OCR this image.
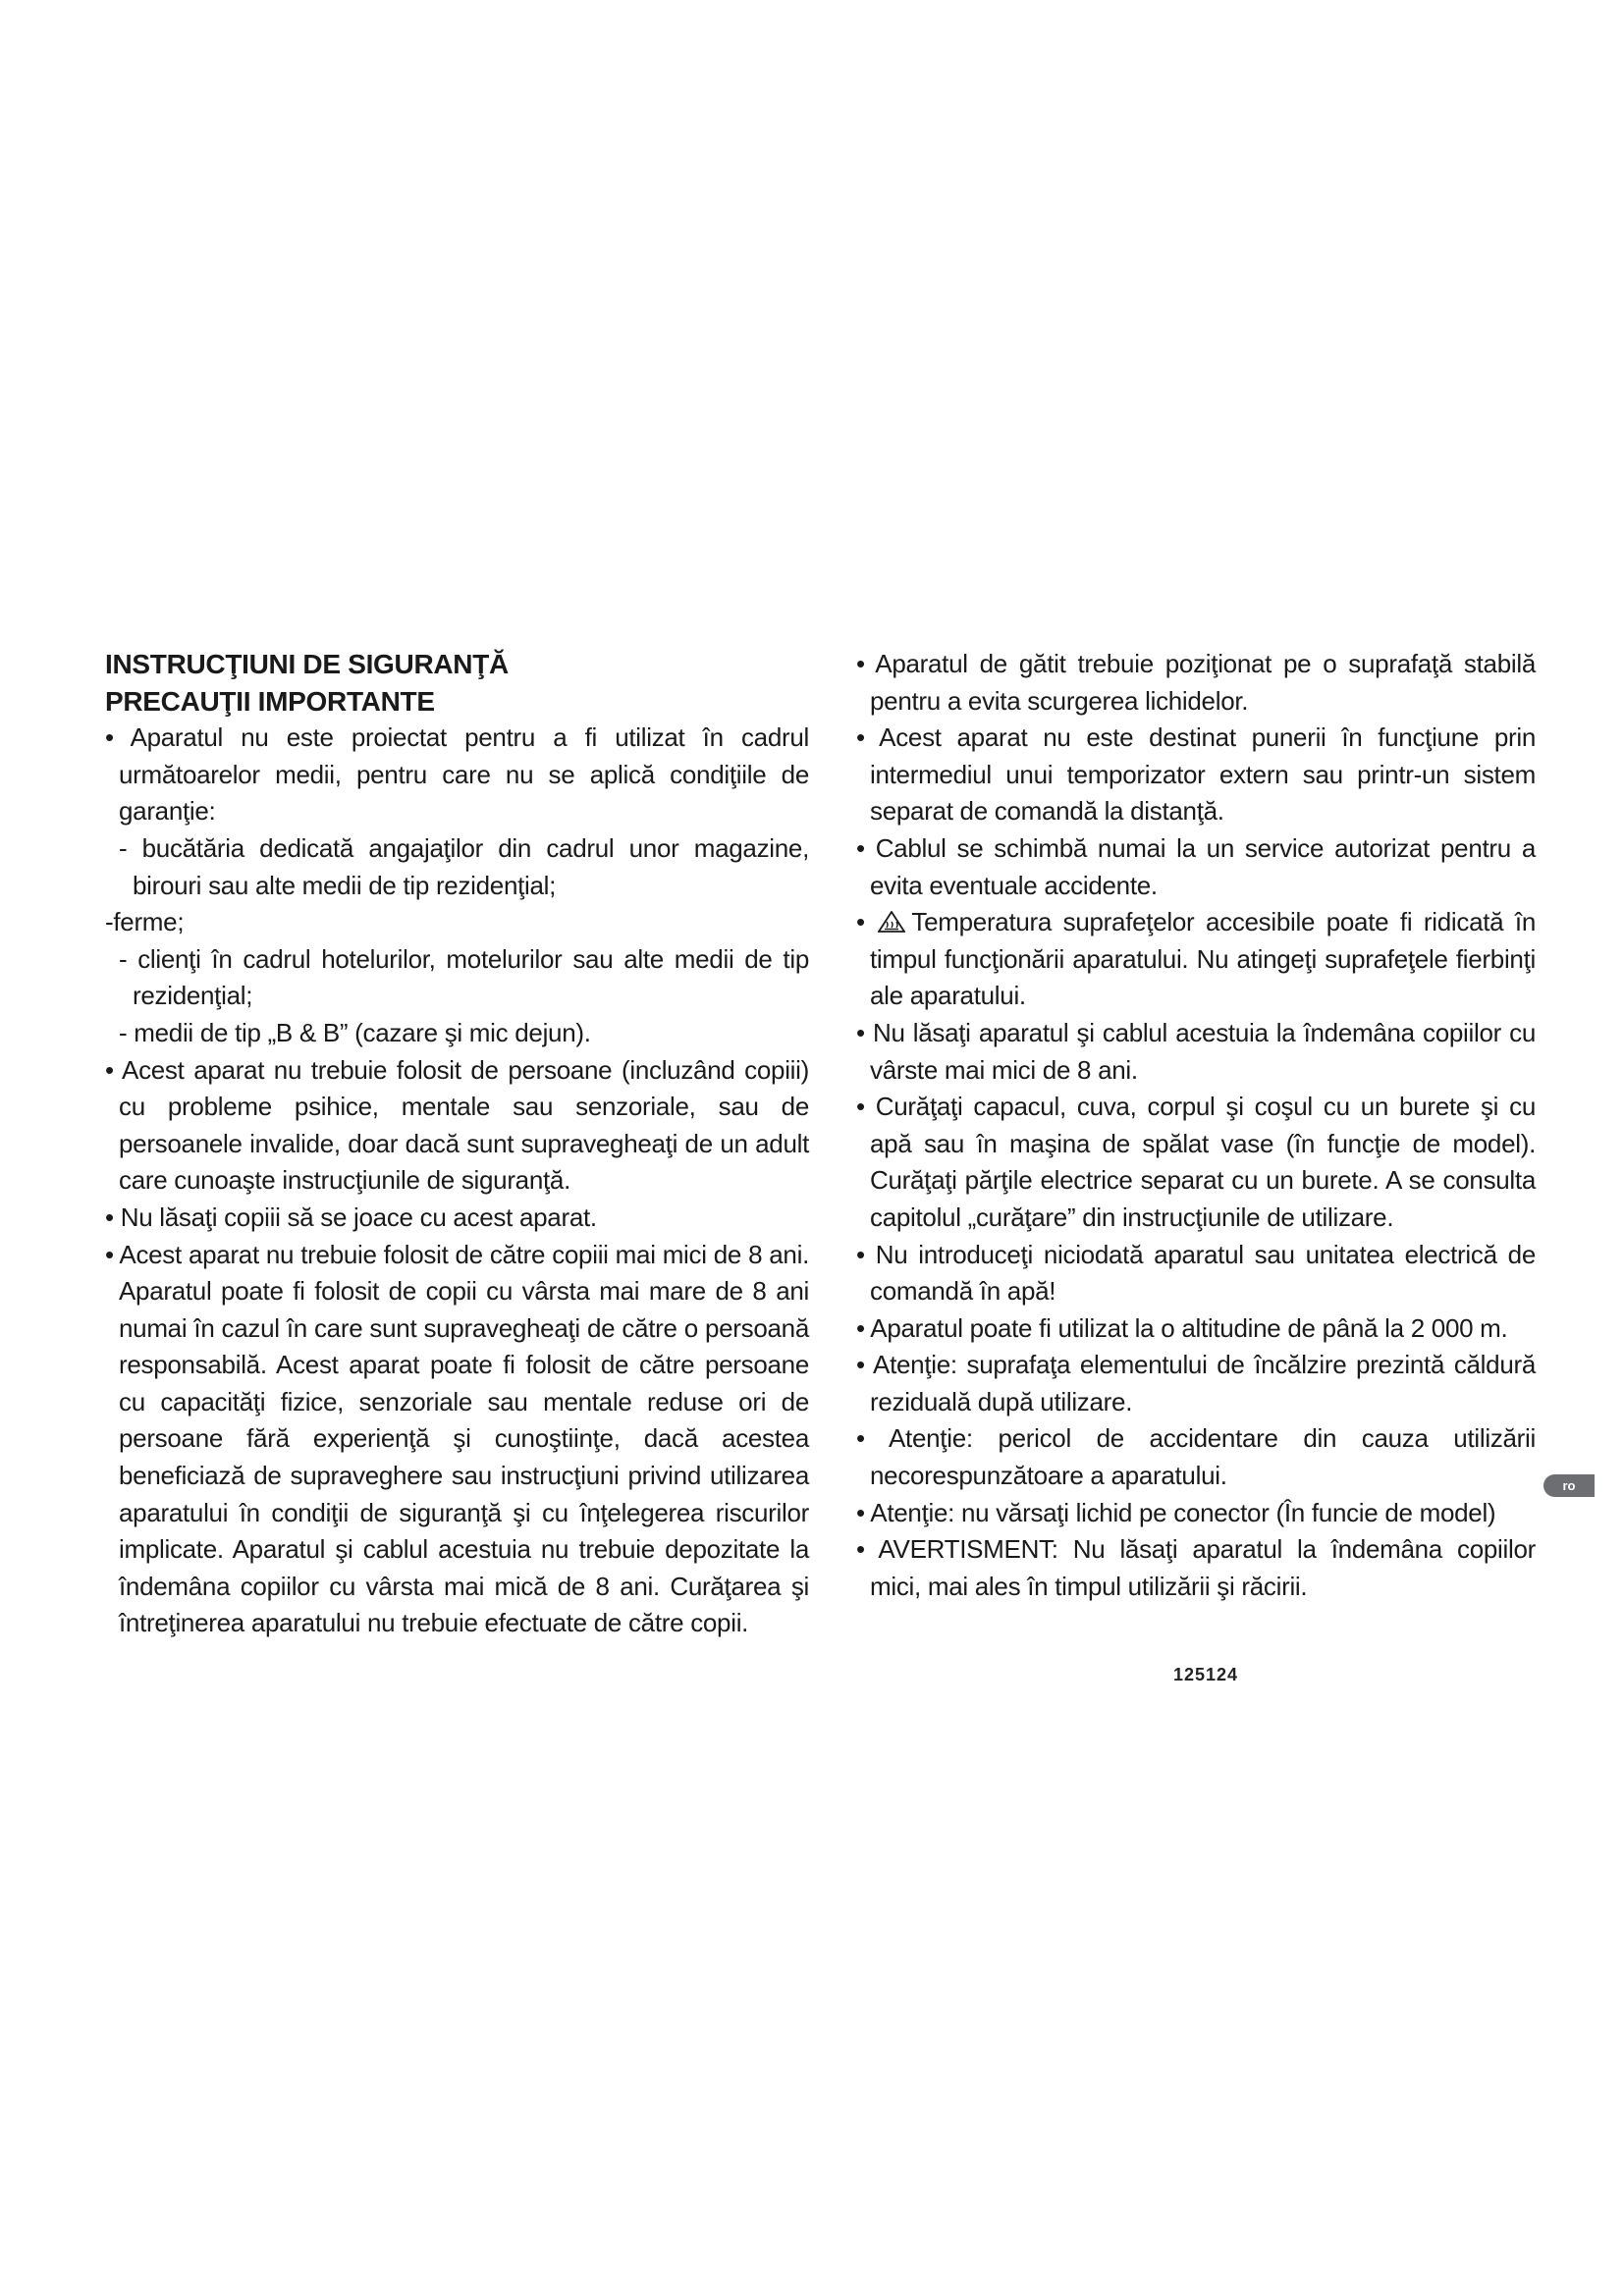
INSTRUCŢIUNI DE SIGURANŢĂ

PRECAUŢII IMPORTANTE

• Aparatul nu este proiectat pentru a fi utilizat în cadrul următoarelor medii, pentru care nu se aplică condiţiile de garanţie:

- bucătăria dedicată angajaţilor din cadrul unor magazine, birouri sau alte medii de tip rezidenţial;

-ferme;

- clienţi în cadrul hotelurilor, motelurilor sau alte medii de tip rezidenţial;

- medii de tip „B & B” (cazare şi mic dejun).

• Acest aparat nu trebuie folosit de persoane (incluzând copiii) cu probleme psihice, mentale sau senzoriale, sau de persoanele invalide, doar dacă sunt supravegheaţi de un adult care cunoaşte instrucţiunile de siguranţă.

• Nu lăsaţi copiii să se joace cu acest aparat.

• Acest aparat nu trebuie folosit de către copiii mai mici de 8 ani. Aparatul poate fi folosit de copii cu vârsta mai mare de 8 ani numai în cazul în care sunt supravegheaţi de către o persoană responsabilă. Acest aparat poate fi folosit de către persoane cu capacităţi fizice, senzoriale sau mentale reduse ori de persoane fără experienţă şi cunoştiinţe, dacă acestea beneficiază de supraveghere sau instrucţiuni privind utilizarea aparatului în condiţii de siguranţă şi cu înţelegerea riscurilor implicate. Aparatul şi cablul acestuia nu trebuie depozitate la îndemâna copiilor cu vârsta mai mică de 8 ani. Curăţarea şi întreţinerea aparatului nu trebuie efectuate de către copii.

• Aparatul de gătit trebuie poziţionat pe o suprafaţă stabilă pentru a evita scurgerea lichidelor.

• Acest aparat nu este destinat punerii în funcţiune prin intermediul unui temporizator extern sau printr-un sistem separat de comandă la distanţă.

• Cablul se schimbă numai la un service autorizat pentru a evita eventuale accidente.

• Temperatura suprafeţelor accesibile poate fi ridicată în timpul funcţionării aparatului. Nu atingeţi suprafeţele fierbinţi ale aparatului.

• Nu lăsaţi aparatul şi cablul acestuia la îndemâna copiilor cu vârste mai mici de 8 ani.

• Curăţaţi capacul, cuva, corpul şi coşul cu un burete şi cu apă sau în maşina de spălat vase (în funcţie de model). Curăţaţi părţile electrice separat cu un burete. A se consulta capitolul „curăţare” din instrucţiunile de utilizare.

• Nu introduceţi niciodată aparatul sau unitatea electrică de comandă în apă!

• Aparatul poate fi utilizat la o altitudine de până la 2 000 m.

• Atenţie: suprafaţa elementului de încălzire prezintă căldură reziduală după utilizare.

• Atenţie: pericol de accidentare din cauza utilizării necorespunzătoare a aparatului.

• Atenţie: nu vărsaţi lichid pe conector (În funcie de model)

• AVERTISMENT: Nu lăsaţi aparatul la îndemâna copiilor mici, mai ales în timpul utilizării şi răcirii.

125124
ro
